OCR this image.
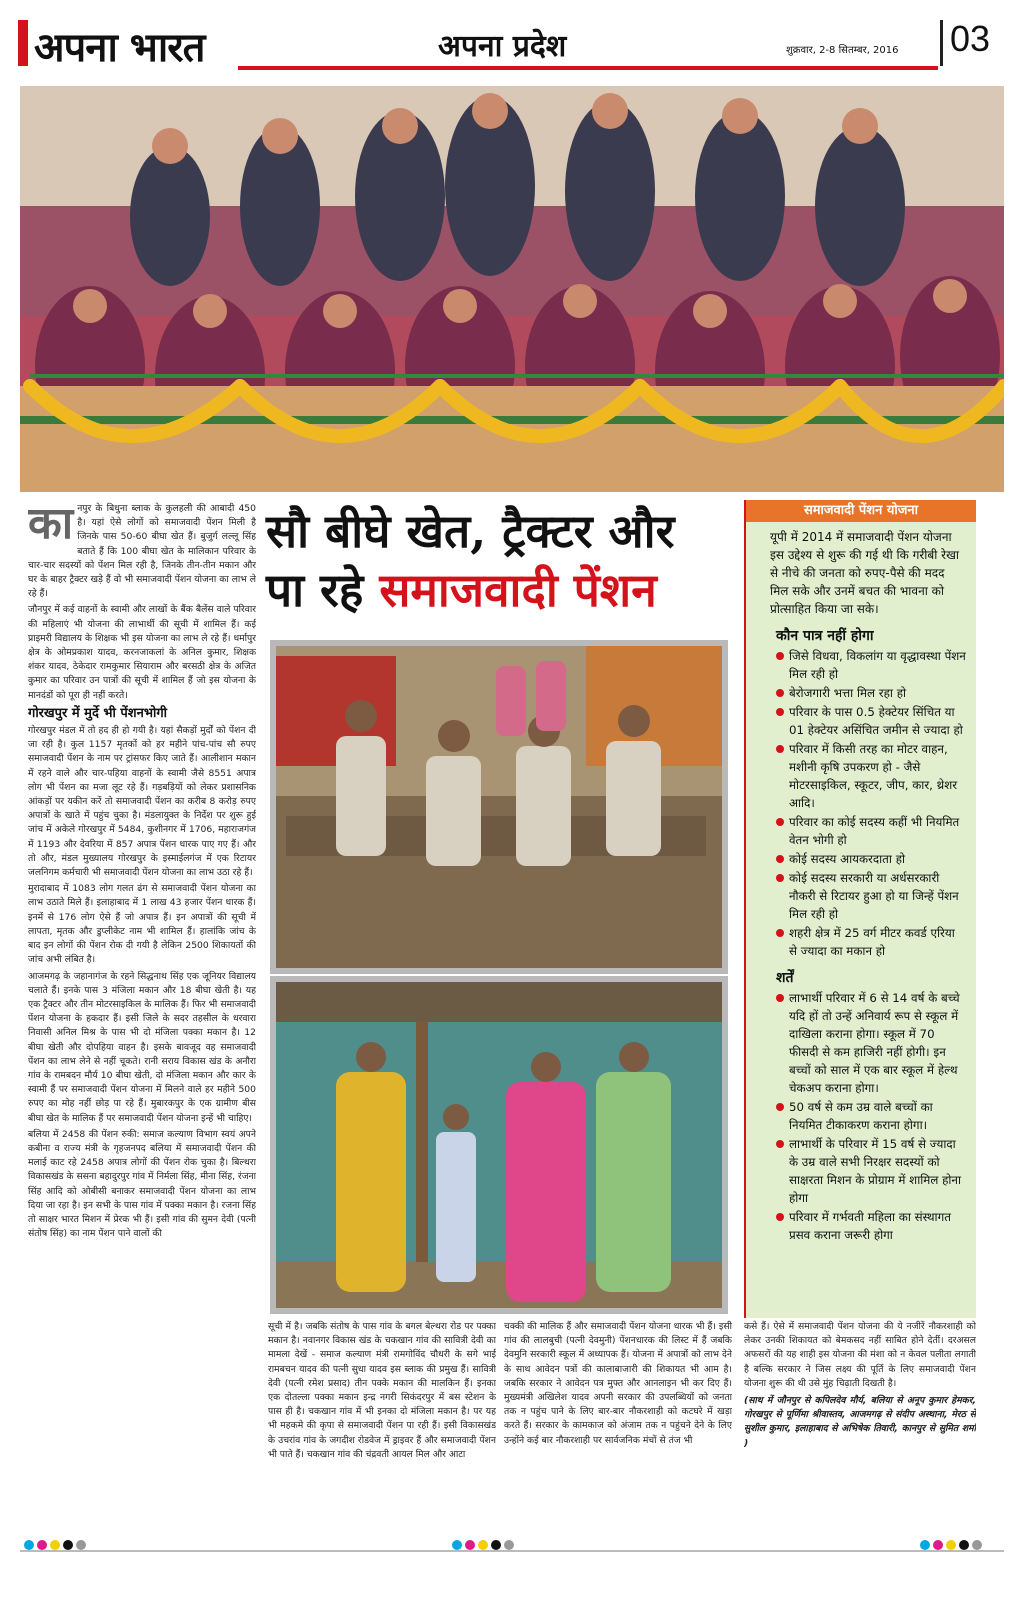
अपना भारत	अपना प्रदेश	शुक्रवार, 2-8 सितम्बर, 2016 03

कानपुर के बिधुना ब्लाक के कुलहली की आबादी 450 है। यहां ऐसे लोगों को समाजवादी पेंशन मिली है जिनके पास 50-60 बीघा खेत हैं। बुजुर्ग लल्लू सिंह बताते हैं कि 100 बीघा खेत के मालिकान परिवार के चार-चार सदस्यों को पेंशन मिल रही है, जिनके तीन-तीन मकान और घर के बाहर ट्रैक्टर खड़े हैं वो भी समाजवादी पेंशन योजना का लाभ ले रहे हैं।

जौनपुर में कई वाहनों के स्वामी और लाखों के बैंक बैलेंस वाले परिवार की महिलाएं भी योजना की लाभार्थी की सूची में शामिल हैं। कई प्राइमरी विद्यालय के शिक्षक भी इस योजना का लाभ ले रहे हैं। धर्मापुर क्षेत्र के ओमप्रकाश यादव, करनजाकलां के अनिल कुमार, शिक्षक शंकर यादव, ठेकेदार रामकुमार सियाराम और बरसठी क्षेत्र के अजित कुमार का परिवार उन पात्रों की सूची में शामिल हैं जो इस योजना के मानदंडों को पूरा ही नहीं करते।

गोरखपुर में मुर्दे भी पेंशनभोगी

गोरखपुर मंडल में तो हद ही हो गयी है। यहां सैकड़ों मुर्दों को पेंशन दी जा रही है। कुल 1157 मृतकों को हर महीने पांच-पांच सौ रुपए समाजवादी पेंशन के नाम पर ट्रांसफर किए जाते हैं। आलीशान मकान में रहने वाले और चार-पहिया वाहनों के स्वामी जैसे 8551 अपात्र लोग भी पेंशन का मजा लूट रहे हैं। गड़बड़ियों को लेकर प्रशासनिक आंकड़ों पर यकीन करें तो समाजवादी पेंशन का करीब 8 करोड़ रुपए अपात्रों के खाते में पहुंच चुका है। मंडलायुक्त के निर्देश पर शुरू हुई जांच में अकेले गोरखपुर में 5484, कुशीनगर में 1706, महाराजगंज में 1193 और देवरिया में 857 अपात्र पेंशन धारक पाए गए हैं। और तो और, मंडल मुख्यालय गोरखपुर के इस्माईलगंज में एक रिटायर जलनिगम कर्मचारी भी समाजवादी पेंशन योजना का लाभ उठा रहे हैं।

मुरादाबाद में 1083 लोग गलत ढंग से समाजवादी पेंशन योजना का लाभ उठाते मिले हैं। इलाहाबाद में 1 लाख 43 हजार पेंशन धारक हैं। इनमें से 176 लोग ऐसे हैं जो अपात्र हैं। इन अपात्रों की सूची में लापता, मृतक और डुप्लीकेट नाम भी शामिल हैं। हालांकि जांच के बाद इन लोगों की पेंशन रोक दी गयी है लेकिन 2500 शिकायतों की जांच अभी लंबित है।

आजमगढ़ के जहानागंज के रहने सिद्धनाथ सिंह एक जूनियर विद्यालय चलाते हैं। इनके पास 3 मंजिला मकान और 18 बीघा खेती है। यह एक ट्रैक्टर और तीन मोटरसाइकिल के मालिक हैं। फिर भी समाजवादी पेंशन योजना के हकदार हैं। इसी जिले के सदर तहसील के धरवारा निवासी अनिल मिश्र के पास भी दो मंजिला पक्का मकान है। 12 बीघा खेती और दोपहिया वाहन है। इसके बावजूद वह समाजवादी पेंशन का लाभ लेने से नहीं चूकते। रानी सराय विकास खंड के अनौरा गांव के रामबदन मौर्य 10 बीघा खेती, दो मंजिला मकान और कार के स्वामी हैं पर समाजवादी पेंशन योजना में मिलने वाले हर महीने 500 रुपए का मोह नहीं छोड़ पा रहे हैं। मुबारकपुर के एक ग्रामीण बीस बीघा खेत के मालिक हैं पर समाजवादी पेंशन योजना इन्हें भी चाहिए।

बलिया में 2458 की पेंशन रुकी: समाज कल्याण विभाग स्वयं अपने कबीना व राज्य मंत्री के गृहजनपद बलिया में समाजवादी पेंशन की मलाई काट रहे 2458 अपात्र लोगों की पेंशन रोक चुका है। बिल्थरा विकासखंड के ससना बहादुरपुर गांव में निर्मला सिंह, मीना सिंह, रंजना सिंह आदि को ओबीसी बनाकर समाजवादी पेंशन योजना का लाभ दिया जा रहा है। इन सभी के पास गांव में पक्का मकान है। रजना सिंह तो साक्षर भारत मिशन में प्रेरक भी हैं। इसी गांव की सुमन देवी (पत्नी संतोष सिंह) का नाम पेंशन पाने वालों की

सौ बीघे खेत, ट्रैक्टर और
पा रहे समाजवादी पेंशन
सूची में है। जबकि संतोष के पास गांव के बगल बेल्थरा रोड पर पक्का मकान है। नवानगर विकास खंड के चकखान गांव की सावित्री देवी का मामला देखें - समाज कल्याण मंत्री रामगोविंद चौधरी के सगे भाई रामबचन यादव की पत्नी सुधा यादव इस ब्लाक की प्रमुख हैं। सावित्री देवी (पत्नी रमेश प्रसाद) तीन पक्के मकान की मालकिन हैं। इनका एक दोतल्ला पक्का मकान इन्द्र नगरी सिकंदरपुर में बस स्टेशन के पास ही है। चकखान गांव में भी इनका दो मंजिला मकान है। पर यह भी महकमे की कृपा से समाजवादी पेंशन पा रही हैं। इसी विकासखंड के उचरांव गांव के जगदीश रोडवेज में ड्राइवर हैं और समाजवादी पेंशन भी पाते हैं। चकखान गांव की चंद्रवती आयल मिल और आटा
चक्की की मालिक हैं और समाजवादी पेंशन योजना धारक भी हैं। इसी गांव की लालबुची (पत्नी देवमुनी) पेंशनधारक की लिस्ट में हैं जबकि देवमुनि सरकारी स्कूल में अध्यापक हैं। योजना में अपात्रों को लाभ देने के साथ आवेदन पत्रों की कालाबाजारी की शिकायत भी आम है। जबकि सरकार ने आवेदन पत्र मुफ्त और आनलाइन भी कर दिए हैं। मुख्यमंत्री अखिलेश यादव अपनी सरकार की उपलब्धियों को जनता तक न पहुंच पाने के लिए बार-बार नौकरशाही को कटघरे में खड़ा करते हैं। सरकार के कामकाज को अंजाम तक न पहुंचने देने के लिए उन्होंने कई बार नौकरशाही पर सार्वजनिक मंचों से तंज भी
कसे हैं। ऐसे में समाजवादी पेंशन योजना की ये नजीरें नौकरशाही को लेकर उनकी शिकायत को बेमकसद नहीं साबित होने देतीं। दरअसल अफसरों की यह शाही इस योजना की मंशा को न केवल पलीता लगाती है बल्कि सरकार ने जिस लक्ष्य की पूर्ति के लिए समाजवादी पेंशन योजना शुरू की थी उसे मुंह चिढ़ाती दिखती है।
(साथ में जौनपुर से कपिलदेव मौर्य, बलिया से अनूप कुमार हेमकर, गोरखपुर से पूर्णिमा श्रीवास्तव, आजमगढ़ से संदीप अस्थाना, मेरठ से सुशील कुमार, इलाहाबाद से अभिषेक तिवारी, कानपुर से सुमित शर्मा )
समाजवादी पेंशन योजना
यूपी में 2014 में समाजवादी पेंशन योजना इस उद्देश्य से शुरू की गई थी कि गरीबी रेखा से नीचे की जनता को रुपए-पैसे की मदद मिल सके और उनमें बचत की भावना को प्रोत्साहित किया जा सके।
कौन पात्र नहीं होगा
जिसे विधवा, विकलांग या वृद्धावस्था पेंशन मिल रही हो
बेरोजगारी भत्ता मिल रहा हो
परिवार के पास 0.5 हेक्टेयर सिंचित या 01 हेक्टेयर असिंचित जमीन से ज्यादा हो
परिवार में किसी तरह का मोटर वाहन, मशीनी कृषि उपकरण हो - जैसे मोटरसाइकिल, स्कूटर, जीप, कार, थ्रेशर आदि।
परिवार का कोई सदस्य कहीं भी नियमित वेतन भोगी हो
कोई सदस्य आयकरदाता हो
कोई सदस्य सरकारी या अर्धसरकारी नौकरी से रिटायर हुआ हो या जिन्हें पेंशन मिल रही हो
शहरी क्षेत्र में 25 वर्ग मीटर कवर्ड एरिया से ज्यादा का मकान हो
शर्तें
लाभार्थी परिवार में 6 से 14 वर्ष के बच्चे यदि हों तो उन्हें अनिवार्य रूप से स्कूल में दाखिला कराना होगा। स्कूल में 70 फीसदी से कम हाजिरी नहीं होगी। इन बच्चों को साल में एक बार स्कूल में हेल्थ चेकअप कराना होगा।
50 वर्ष से कम उम्र वाले बच्चों का नियमित टीकाकरण कराना होगा।
लाभार्थी के परिवार में 15 वर्ष से ज्यादा के उम्र वाले सभी निरक्षर सदस्यों को साक्षरता मिशन के प्रोग्राम में शामिल होना होगा
परिवार में गर्भवती महिला का संस्थागत प्रसव कराना जरूरी होगा
